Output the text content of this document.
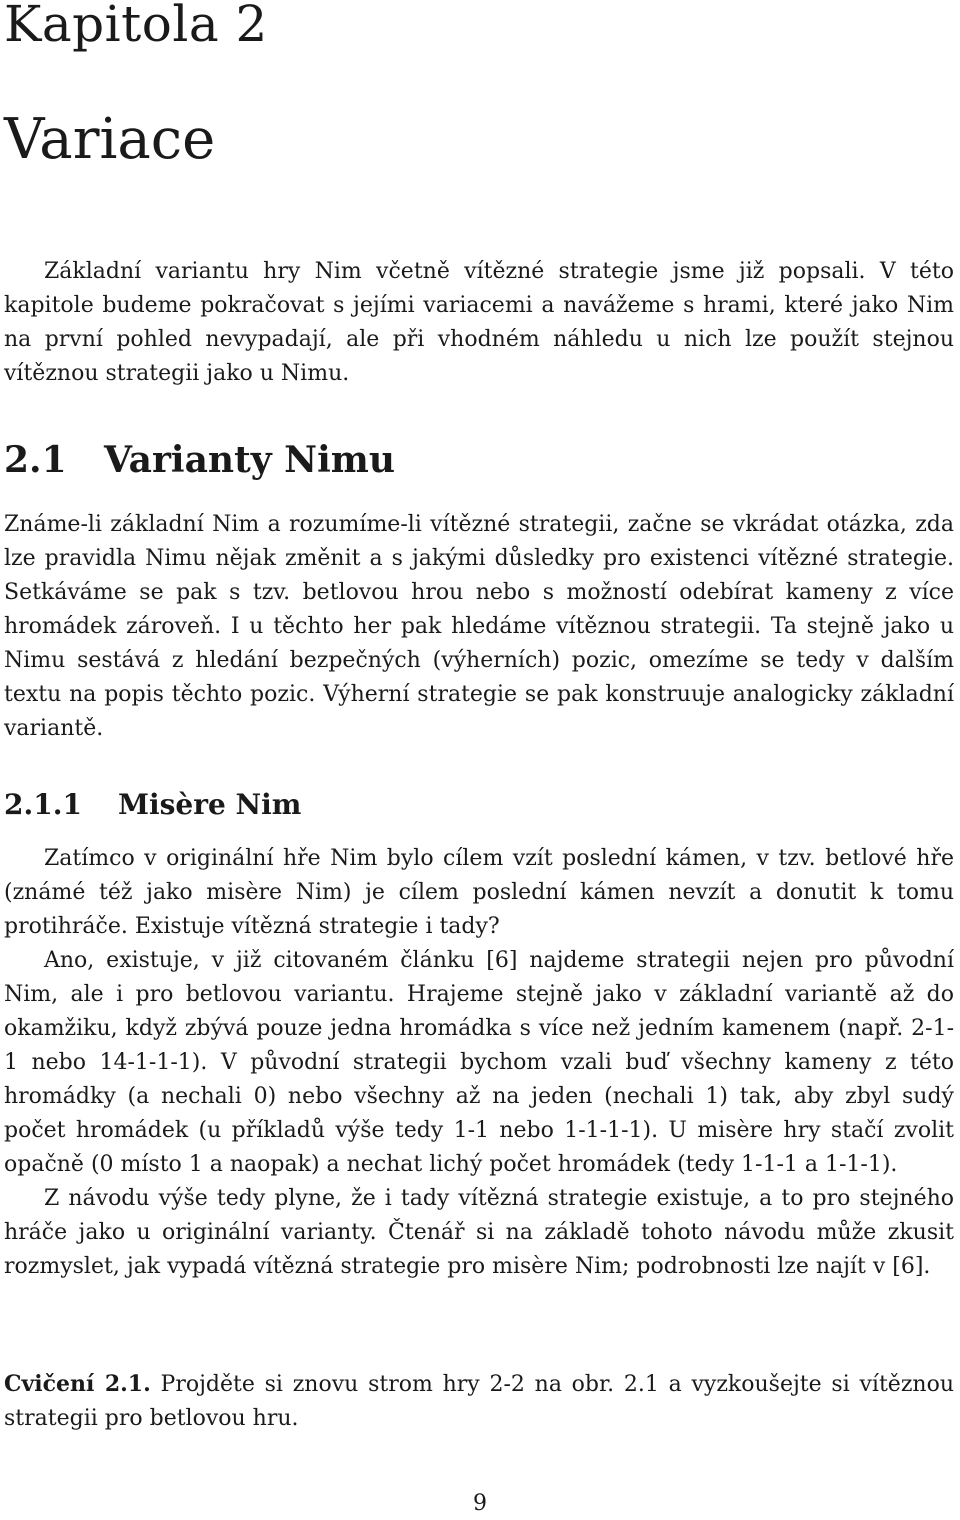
Kapitola 2
Variace

Základní variantu hry Nim včetně vítězné strategie jsme již popsali. V této kapitole budeme pokračovat s jejími variacemi a navážeme s hrami, které jako Nim na první pohled nevypadají, ale při vhodném náhledu u nich lze použít stejnou vítěznou strategii jako u Nimu.

2.1 Varianty Nimu

Známe-li základní Nim a rozumíme-li vítězné strategii, začne se vkrádat otázka, zda lze pravidla Nimu nějak změnit a s jakými důsledky pro existenci vítězné strategie. Setkáváme se pak s tzv. betlovou hrou nebo s možností odebírat kameny z více hromádek zároveň. I u těchto her pak hledáme vítěznou strategii. Ta stejně jako u Nimu sestává z hledání bezpečných (výherních) pozic, omezíme se tedy v dalším textu na popis těchto pozic. Výherní strategie se pak konstruuje analogicky základní variantě.

2.1.1 Misère Nim

Zatímco v originální hře Nim bylo cílem vzít poslední kámen, v tzv. betlové hře (známé též jako misère Nim) je cílem poslední kámen nevzít a donutit k tomu protihráče. Existuje vítězná strategie i tady?

Ano, existuje, v již citovaném článku [6] najdeme strategii nejen pro původní Nim, ale i pro betlovou variantu. Hrajeme stejně jako v základní variantě až do okamžiku, když zbývá pouze jedna hromádka s více než jedním kamenem (např. 2-1-1 nebo 14-1-1-1). V původní strategii bychom vzali buď všechny kameny z této hromádky (a nechali 0) nebo všechny až na jeden (nechali 1) tak, aby zbyl sudý počet hromádek (u příkladů výše tedy 1-1 nebo 1-1-1-1). U misère hry stačí zvolit opačně (0 místo 1 a naopak) a nechat lichý počet hromádek (tedy 1-1-1 a 1-1-1).

Z návodu výše tedy plyne, že i tady vítězná strategie existuje, a to pro stejného hráče jako u originální varianty. Čtenář si na základě tohoto návodu může zkusit rozmyslet, jak vypadá vítězná strategie pro misère Nim; podrobnosti lze najít v [6].

Cvičení 2.1. Projděte si znovu strom hry 2-2 na obr. 2.1 a vyzkoušejte si vítěznou strategii pro betlovou hru.

9
